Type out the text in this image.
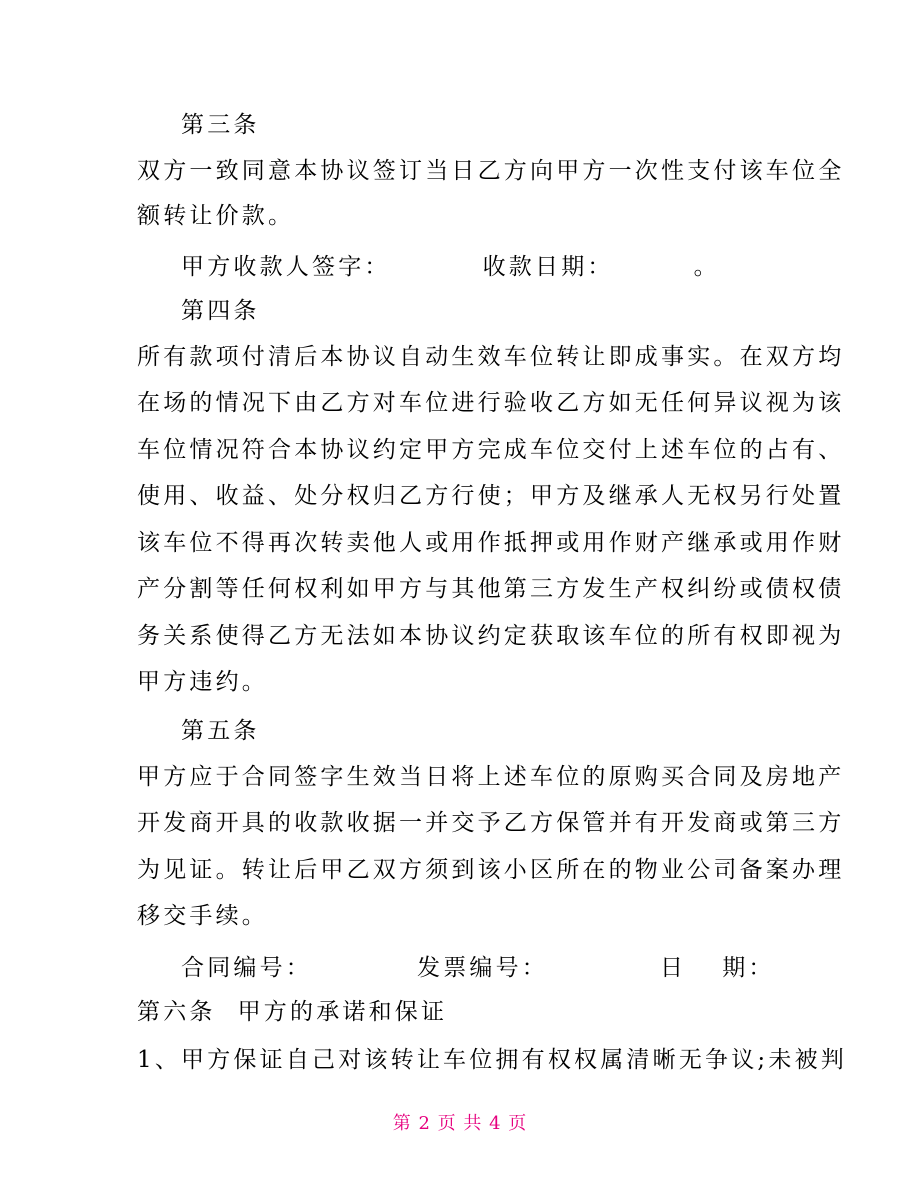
第三条
双方一致同意本协议签订当日乙方向甲方一次性支付该车位全
额转让价款。
甲方收款人签字：	收款日期：	。
第四条
所有款项付清后本协议自动生效车位转让即成事实。在双方均
在场的情况下由乙方对车位进行验收乙方如无任何异议视为该
车位情况符合本协议约定甲方完成车位交付上述车位的占有、
使用、收益、处分权归乙方行使；甲方及继承人无权另行处置
该车位不得再次转卖他人或用作抵押或用作财产继承或用作财
产分割等任何权利如甲方与其他第三方发生产权纠纷或债权债
务关系使得乙方无法如本协议约定获取该车位的所有权即视为
甲方违约。
第五条
甲方应于合同签字生效当日将上述车位的原购买合同及房地产
开发商开具的收款收据一并交予乙方保管并有开发商或第三方
为见证。转让后甲乙双方须到该小区所在的物业公司备案办理
移交手续。
合同编号：	发票编号：	日 期：
第六条 甲方的承诺和保证
1、甲方保证自己对该转让车位拥有权权属清晰无争议;未被判
第 2 页 共 4 页
